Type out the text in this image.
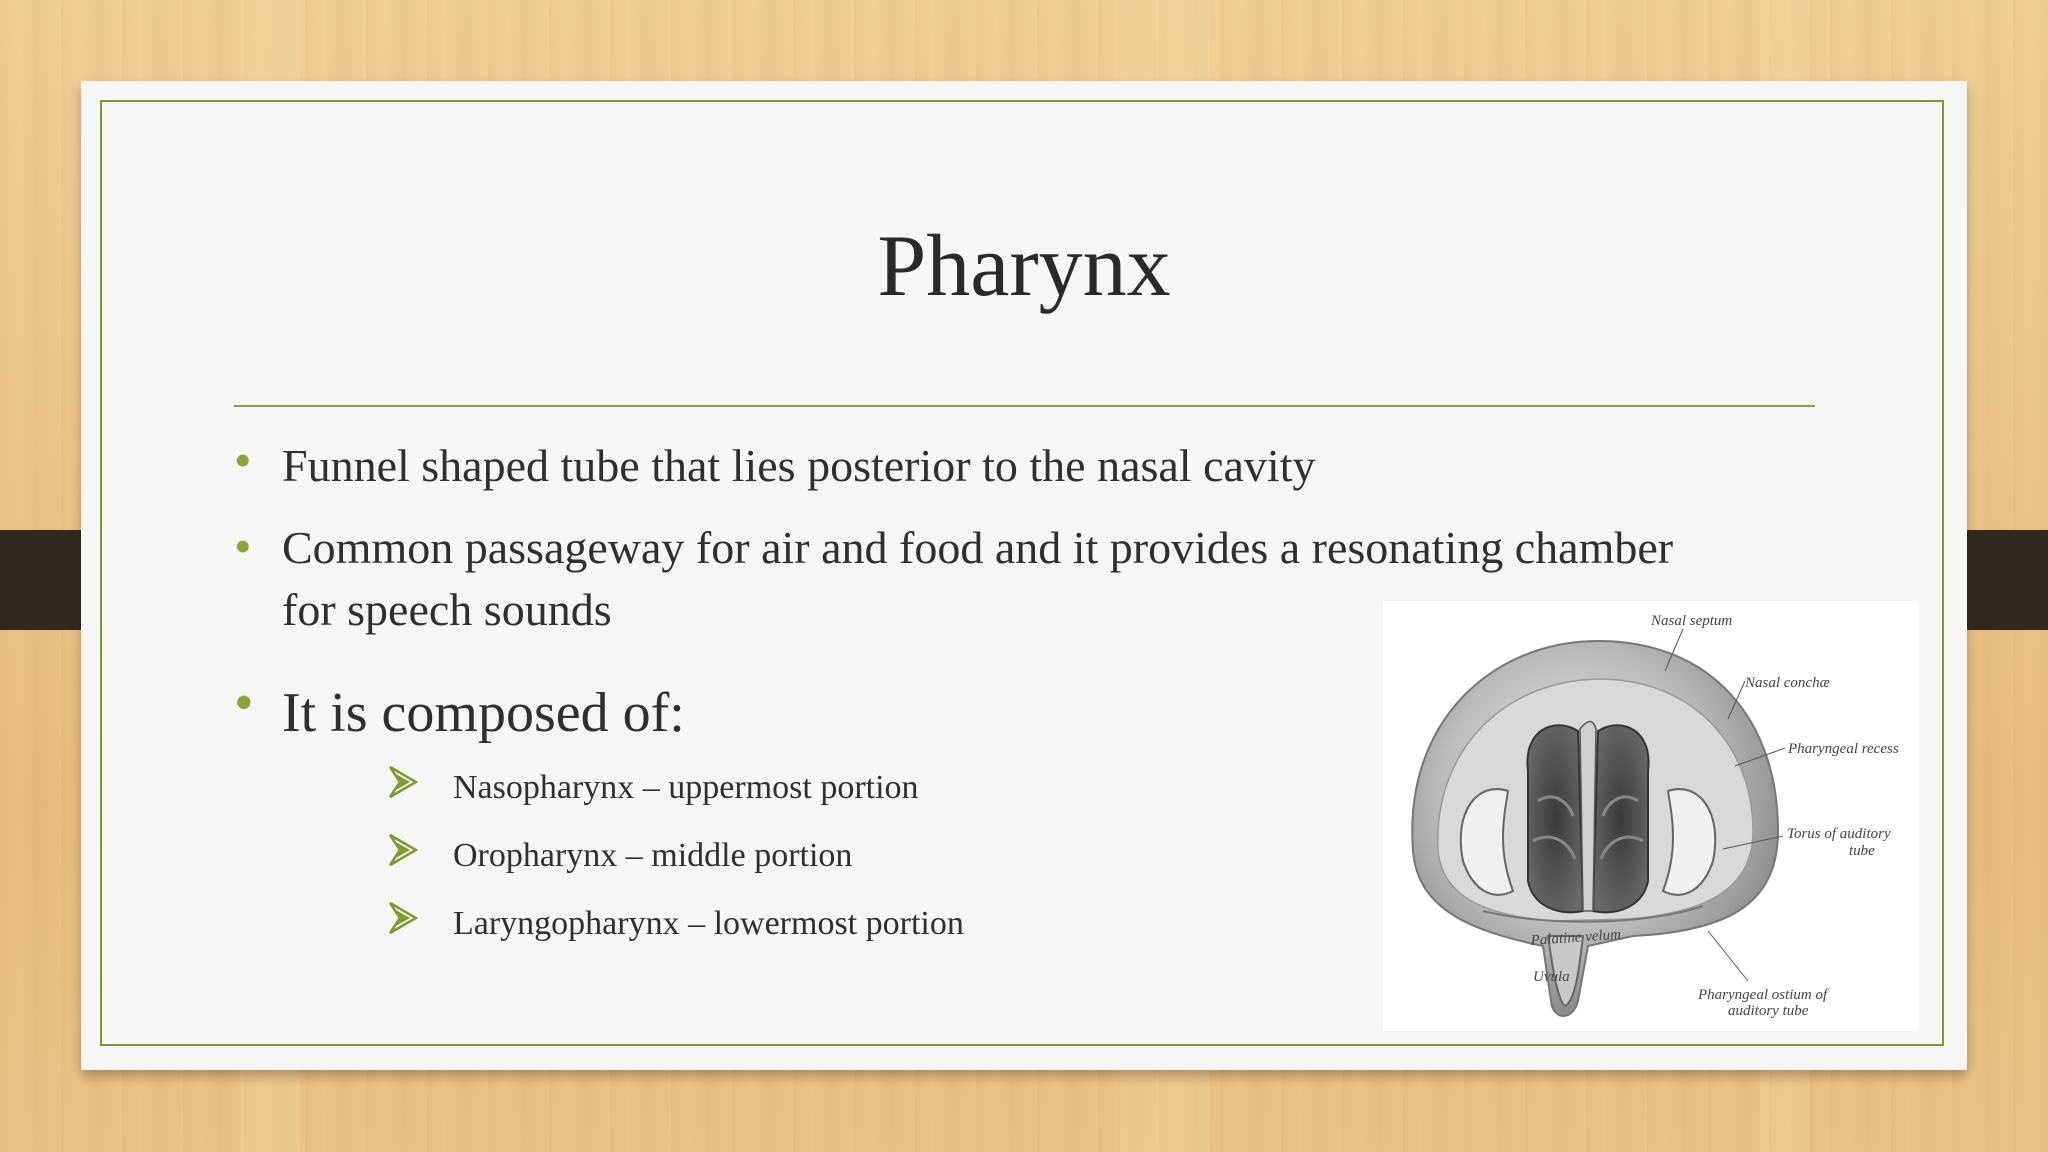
Pharynx
• Funnel shaped tube that lies posterior to the nasal cavity
• Common passageway for air and food and it provides a resonating chamber
for speech sounds
• It is composed of:
Nasopharynx – uppermost portion
Oropharynx – middle portion
Laryngopharynx – lowermost portion
Nasal septum
Nasal conchæ
Pharyngeal recess
Torus of auditory
tube
Palatine velum
Uvula
Pharyngeal ostium of
auditory tube
